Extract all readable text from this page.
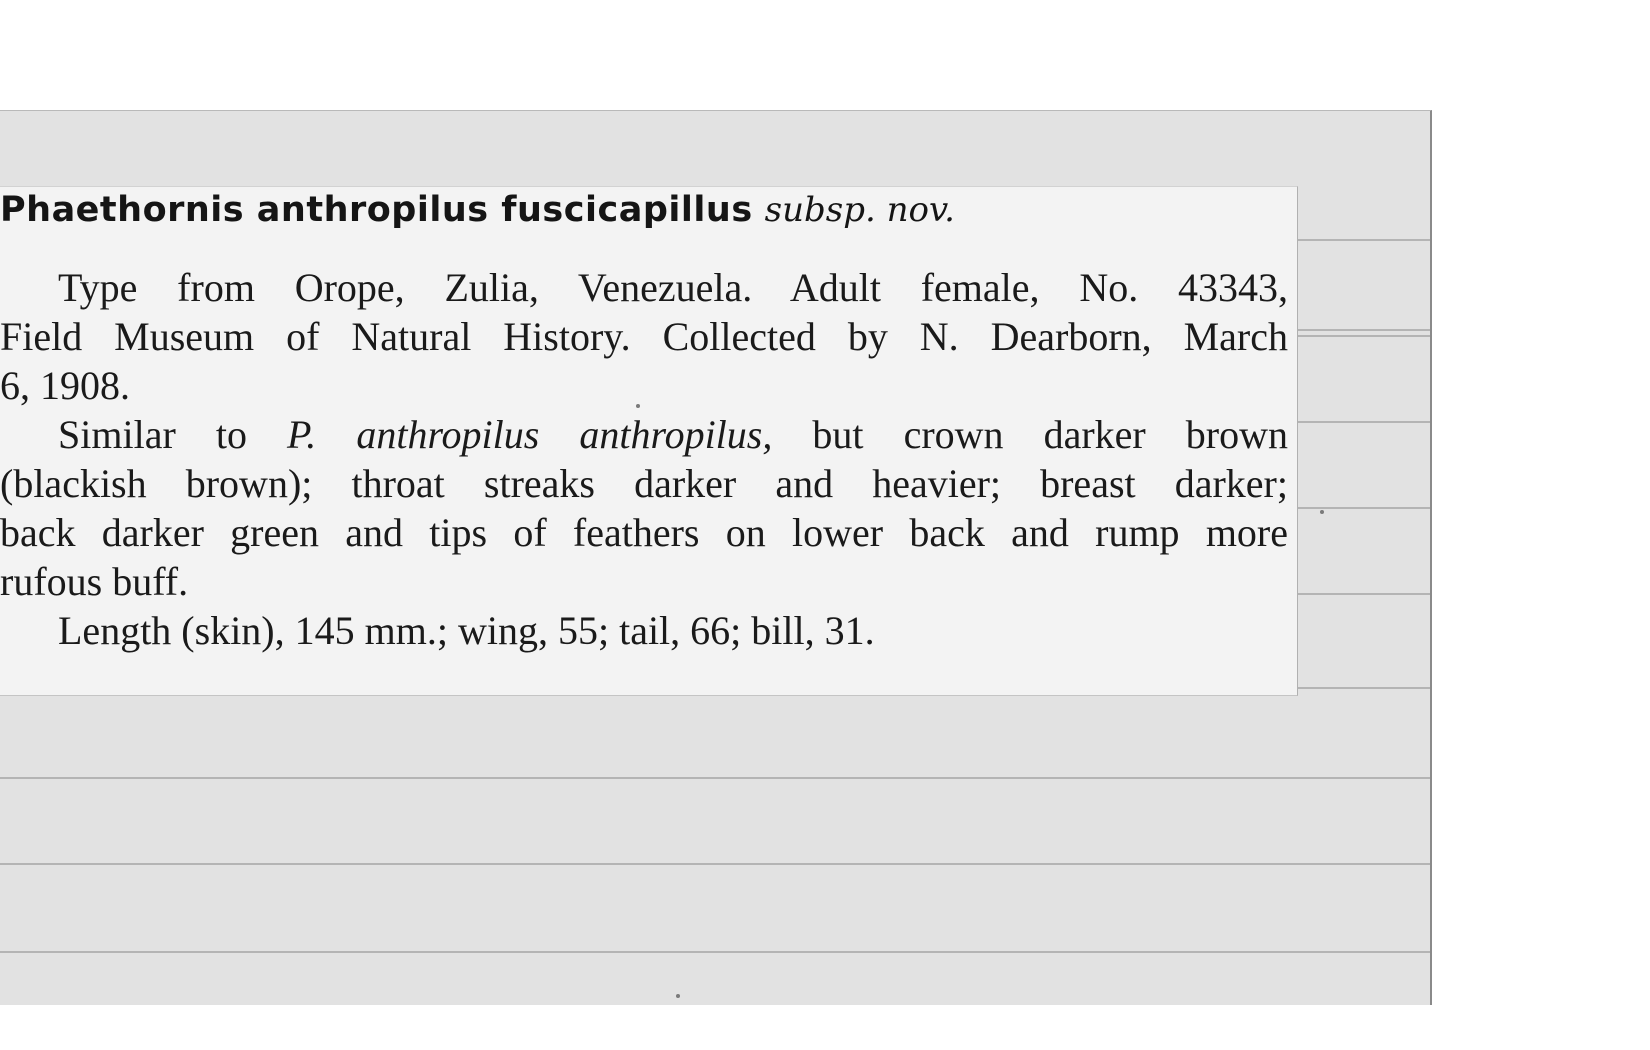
Phaethornis anthropilus fuscicapillus subsp. nov.
Type from Orope, Zulia, Venezuela. Adult female, No. 43343,
Field Museum of Natural History. Collected by N. Dearborn, March
6, 1908.
Similar to P. anthropilus anthropilus, but crown darker brown
(blackish brown); throat streaks darker and heavier; breast darker;
back darker green and tips of feathers on lower back and rump more
rufous buff.
Length (skin), 145 mm.; wing, 55; tail, 66; bill, 31.
